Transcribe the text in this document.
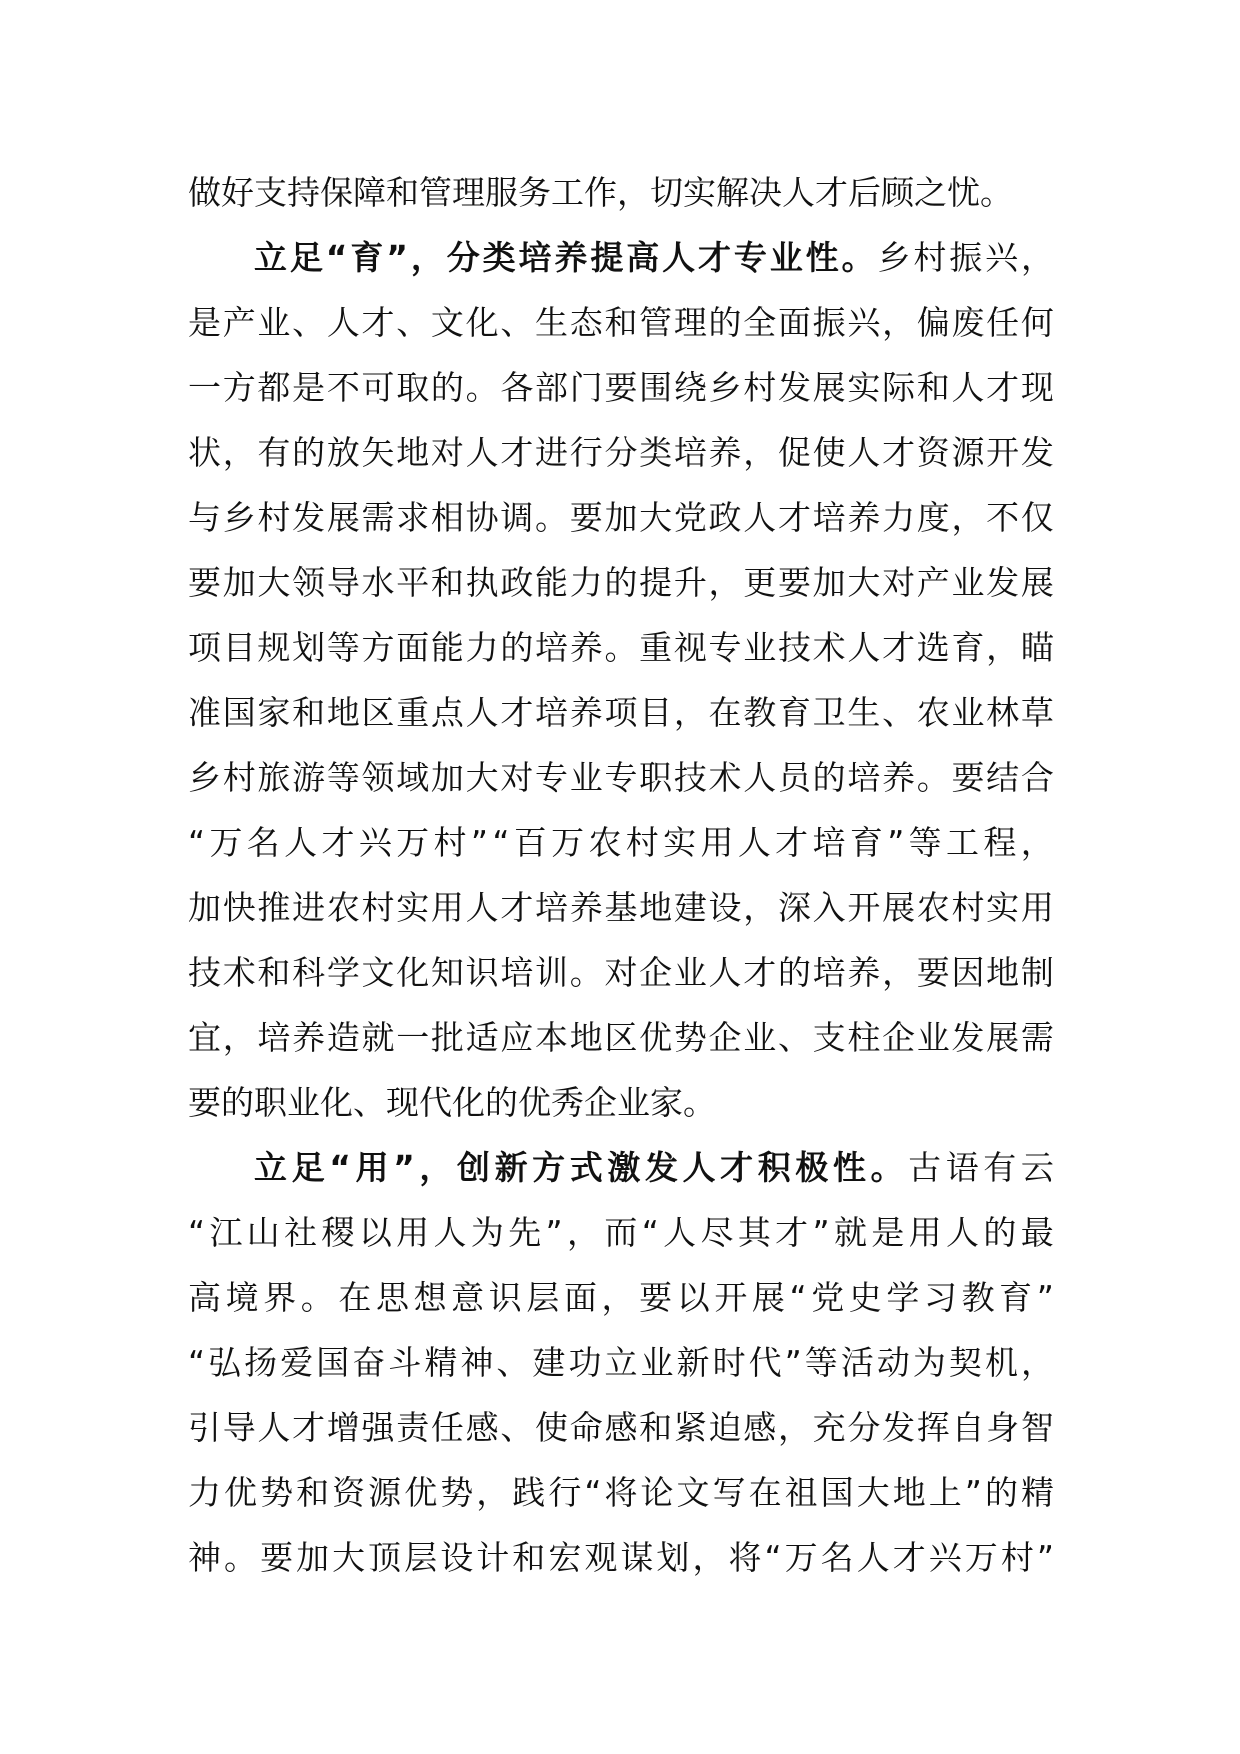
做 好 支 持 保 障 和 管 理 服 务 工 作 ， 切 实 解 决 人 才 后 顾 之 忧 。
立 足 “ 育 ” ， 分 类 培 养 提 高 人 才 专 业 性 。 乡 村 振 兴 ，
是 产 业 、 人 才 、 文 化 、 生 态 和 管 理 的 全 面 振 兴 ， 偏 废 任 何
一 方 都 是 不 可 取 的 。 各 部 门 要 围 绕 乡 村 发 展 实 际 和 人 才 现
状 ， 有 的 放 矢 地 对 人 才 进 行 分 类 培 养 ， 促 使 人 才 资 源 开 发
与 乡 村 发 展 需 求 相 协 调 。 要 加 大 党 政 人 才 培 养 力 度 ， 不 仅
要 加 大 领 导 水 平 和 执 政 能 力 的 提 升 ， 更 要 加 大 对 产 业 发 展
项 目 规 划 等 方 面 能 力 的 培 养 。 重 视 专 业 技 术 人 才 选 育 ， 瞄
准 国 家 和 地 区 重 点 人 才 培 养 项 目 ， 在 教 育 卫 生 、 农 业 林 草
乡 村 旅 游 等 领 域 加 大 对 专 业 专 职 技 术 人 员 的 培 养 。 要 结 合
“ 万 名 人 才 兴 万 村 ” “ 百 万 农 村 实 用 人 才 培 育 ” 等 工 程 ，
加 快 推 进 农 村 实 用 人 才 培 养 基 地 建 设 ， 深 入 开 展 农 村 实 用
技 术 和 科 学 文 化 知 识 培 训 。 对 企 业 人 才 的 培 养 ， 要 因 地 制
宜 ， 培 养 造 就 一 批 适 应 本 地 区 优 势 企 业 、 支 柱 企 业 发 展 需
要 的 职 业 化 、 现 代 化 的 优 秀 企 业 家 。
立 足 “ 用 ” ， 创 新 方 式 激 发 人 才 积 极 性 。 古 语 有 云
“ 江 山 社 稷 以 用 人 为 先 ” ， 而 “ 人 尽 其 才 ” 就 是 用 人 的 最
高 境 界 。 在 思 想 意 识 层 面 ， 要 以 开 展 “ 党 史 学 习 教 育 ”
“ 弘 扬 爱 国 奋 斗 精 神 、 建 功 立 业 新 时 代 ” 等 活 动 为 契 机 ，
引 导 人 才 增 强 责 任 感 、 使 命 感 和 紧 迫 感 ， 充 分 发 挥 自 身 智
力 优 势 和 资 源 优 势 ， 践 行 “ 将 论 文 写 在 祖 国 大 地 上 ” 的 精
神 。 要 加 大 顶 层 设 计 和 宏 观 谋 划 ， 将 “ 万 名 人 才 兴 万 村 ”
